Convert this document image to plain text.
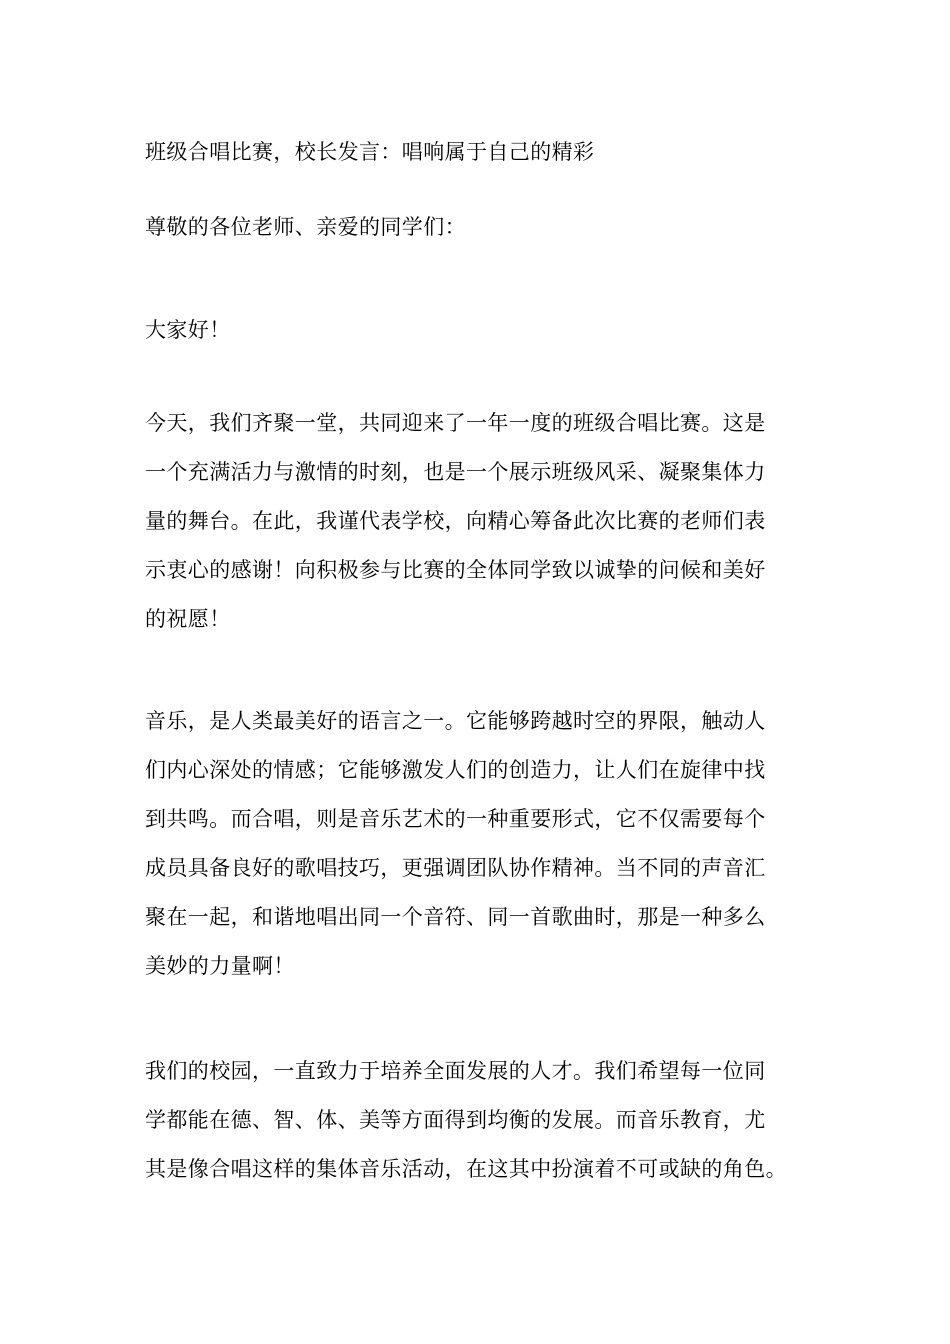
班级合唱比赛，校长发言：唱响属于自己的精彩
尊敬的各位老师、亲爱的同学们：
大家好！
今天，我们齐聚一堂，共同迎来了一年一度的班级合唱比赛。这是
一个充满活力与激情的时刻，也是一个展示班级风采、凝聚集体力
量的舞台。在此，我谨代表学校，向精心筹备此次比赛的老师们表
示衷心的感谢！向积极参与比赛的全体同学致以诚挚的问候和美好
的祝愿！
音乐，是人类最美好的语言之一。它能够跨越时空的界限，触动人
们内心深处的情感；它能够激发人们的创造力，让人们在旋律中找
到共鸣。而合唱，则是音乐艺术的一种重要形式，它不仅需要每个
成员具备良好的歌唱技巧，更强调团队协作精神。当不同的声音汇
聚在一起，和谐地唱出同一个音符、同一首歌曲时，那是一种多么
美妙的力量啊！
我们的校园，一直致力于培养全面发展的人才。我们希望每一位同
学都能在德、智、体、美等方面得到均衡的发展。而音乐教育，尤
其是像合唱这样的集体音乐活动，在这其中扮演着不可或缺的角色。
